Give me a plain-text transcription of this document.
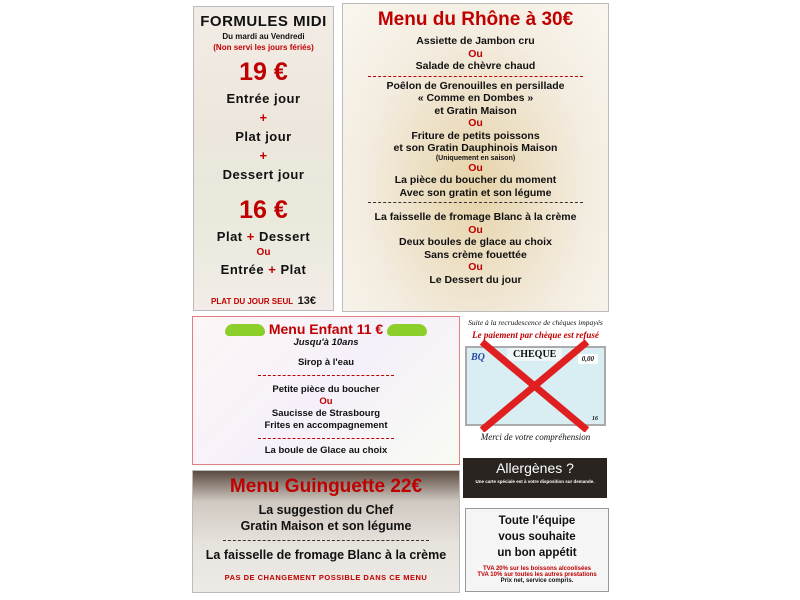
FORMULES MIDI
Du mardi au Vendredi
(Non servi les jours fériés)
19 €
Entrée jour
+
Plat jour
+
Dessert jour
16 €
Plat + Dessert
Ou
Entrée + Plat
PLAT DU JOUR SEUL 13€
Menu du Rhône à 30€
Assiette de Jambon cru
Ou
Salade de chèvre chaud
Poêlon de Grenouilles en persillade
« Comme en Dombes »
et Gratin Maison
Ou
Friture de petits poissons
et son Gratin Dauphinois Maison
(Uniquement en saison)
Ou
La pièce du boucher du moment
Avec son gratin et son légume
La faisselle de fromage Blanc à la crème
Ou
Deux boules de glace au choix
Sans crème fouettée
Ou
Le Dessert du jour
Menu Enfant 11 €
Jusqu'à 10ans
Sirop à l'eau
Petite pièce du boucher
Ou
Saucisse de Strasbourg
Frites en accompagnement
La boule de Glace au choix
Menu Guinguette 22€
La suggestion du Chef
Gratin Maison et son légume
La faisselle de fromage Blanc à la crème
PAS DE CHANGEMENT POSSIBLE DANS CE MENU
Suite à la recrudescence de chèques impayés
Le paiement par chèque est refusé
BQ	CHEQUE	0,00
16
Merci de votre compréhension
Allergènes ?
Une carte spéciale est à votre disposition sur demande.
Toute l'équipe
vous souhaite
un bon appétit
TVA 20% sur les boissons alcoolisées
TVA 10% sur toutes les autres prestations
Prix net, service compris.
